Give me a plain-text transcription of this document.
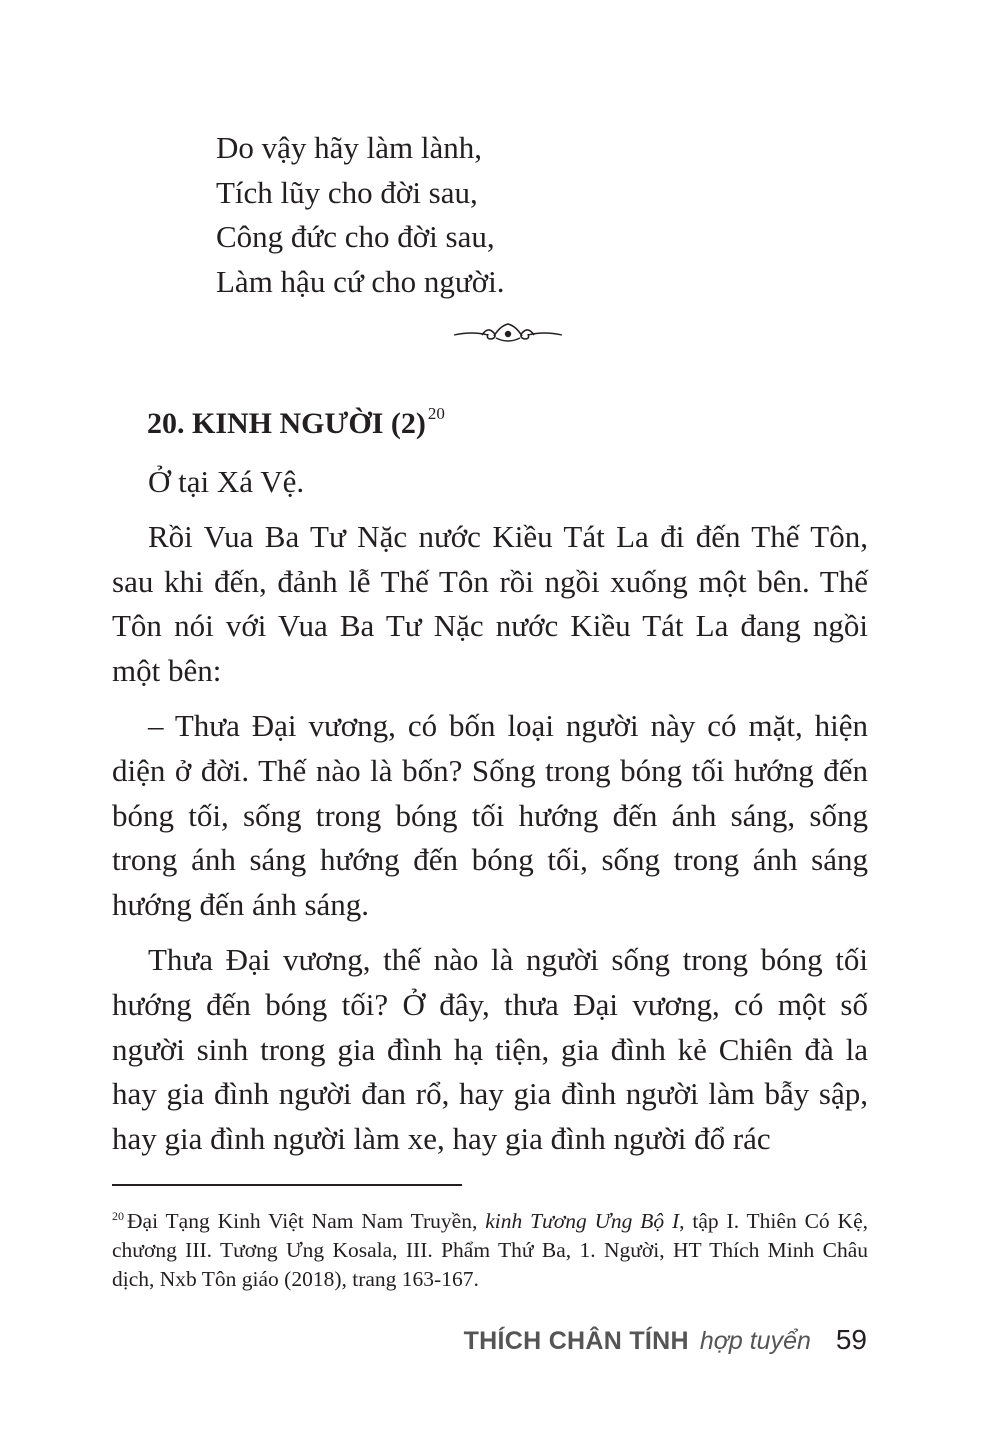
Do vậy hãy làm lành,
Tích lũy cho đời sau,
Công đức cho đời sau,
Làm hậu cứ cho người.
20. KINH NGƯỜI (2) $^{20}$

Ở tại Xá Vệ.

Rồi Vua Ba Tư Nặc nước Kiều Tát La đi đến Thế Tôn, sau khi đến, đảnh lễ Thế Tôn rồi ngồi xuống một bên. Thế Tôn nói với Vua Ba Tư Nặc nước Kiều Tát La đang ngồi một bên:

– Thưa Đại vương, có bốn loại người này có mặt, hiện diện ở đời. Thế nào là bốn? Sống trong bóng tối hướng đến bóng tối, sống trong bóng tối hướng đến ánh sáng, sống trong ánh sáng hướng đến bóng tối, sống trong ánh sáng hướng đến ánh sáng.

Thưa Đại vương, thế nào là người sống trong bóng tối hướng đến bóng tối? Ở đây, thưa Đại vương, có một số người sinh trong gia đình hạ tiện, gia đình kẻ Chiên đà la hay gia đình người đan rổ, hay gia đình người làm bẫy sập, hay gia đình người làm xe, hay gia đình người đổ rác

$^{20}$ Đại Tạng Kinh Việt Nam Nam Truyền, kinh Tương Ưng Bộ I, tập I. Thiên Có Kệ, chương III. Tương Ưng Kosala, III. Phẩm Thứ Ba, 1. Người, HT Thích Minh Châu dịch, Nxb Tôn giáo (2018), trang 163-167.
THÍCH CHÂN TÍNH hợp tuyển 59
